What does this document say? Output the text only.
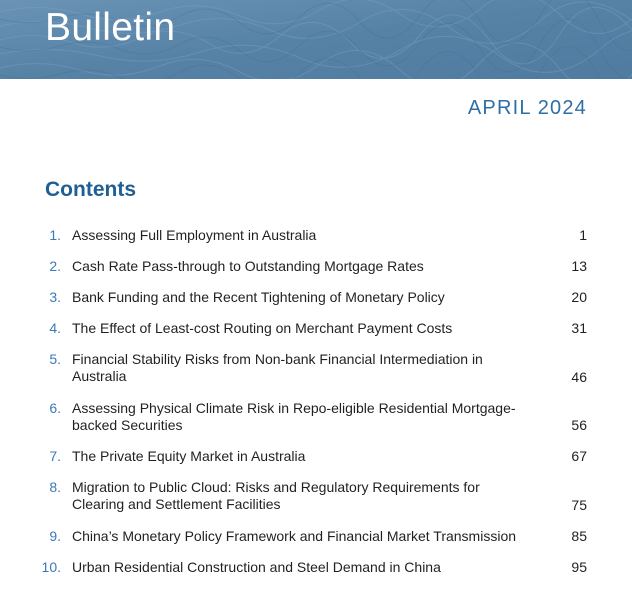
Bulletin
APRIL 2024
Contents
1. Assessing Full Employment in Australia	1
2. Cash Rate Pass-through to Outstanding Mortgage Rates	13
3. Bank Funding and the Recent Tightening of Monetary Policy	20
4. The Effect of Least-cost Routing on Merchant Payment Costs	31
5. Financial Stability Risks from Non-bank Financial Intermediation in Australia	46
6. Assessing Physical Climate Risk in Repo-eligible Residential Mortgage-backed Securities	56
7. The Private Equity Market in Australia	67
8. Migration to Public Cloud: Risks and Regulatory Requirements for Clearing and Settlement Facilities	75
9. China’s Monetary Policy Framework and Financial Market Transmission	85
10. Urban Residential Construction and Steel Demand in China	95
